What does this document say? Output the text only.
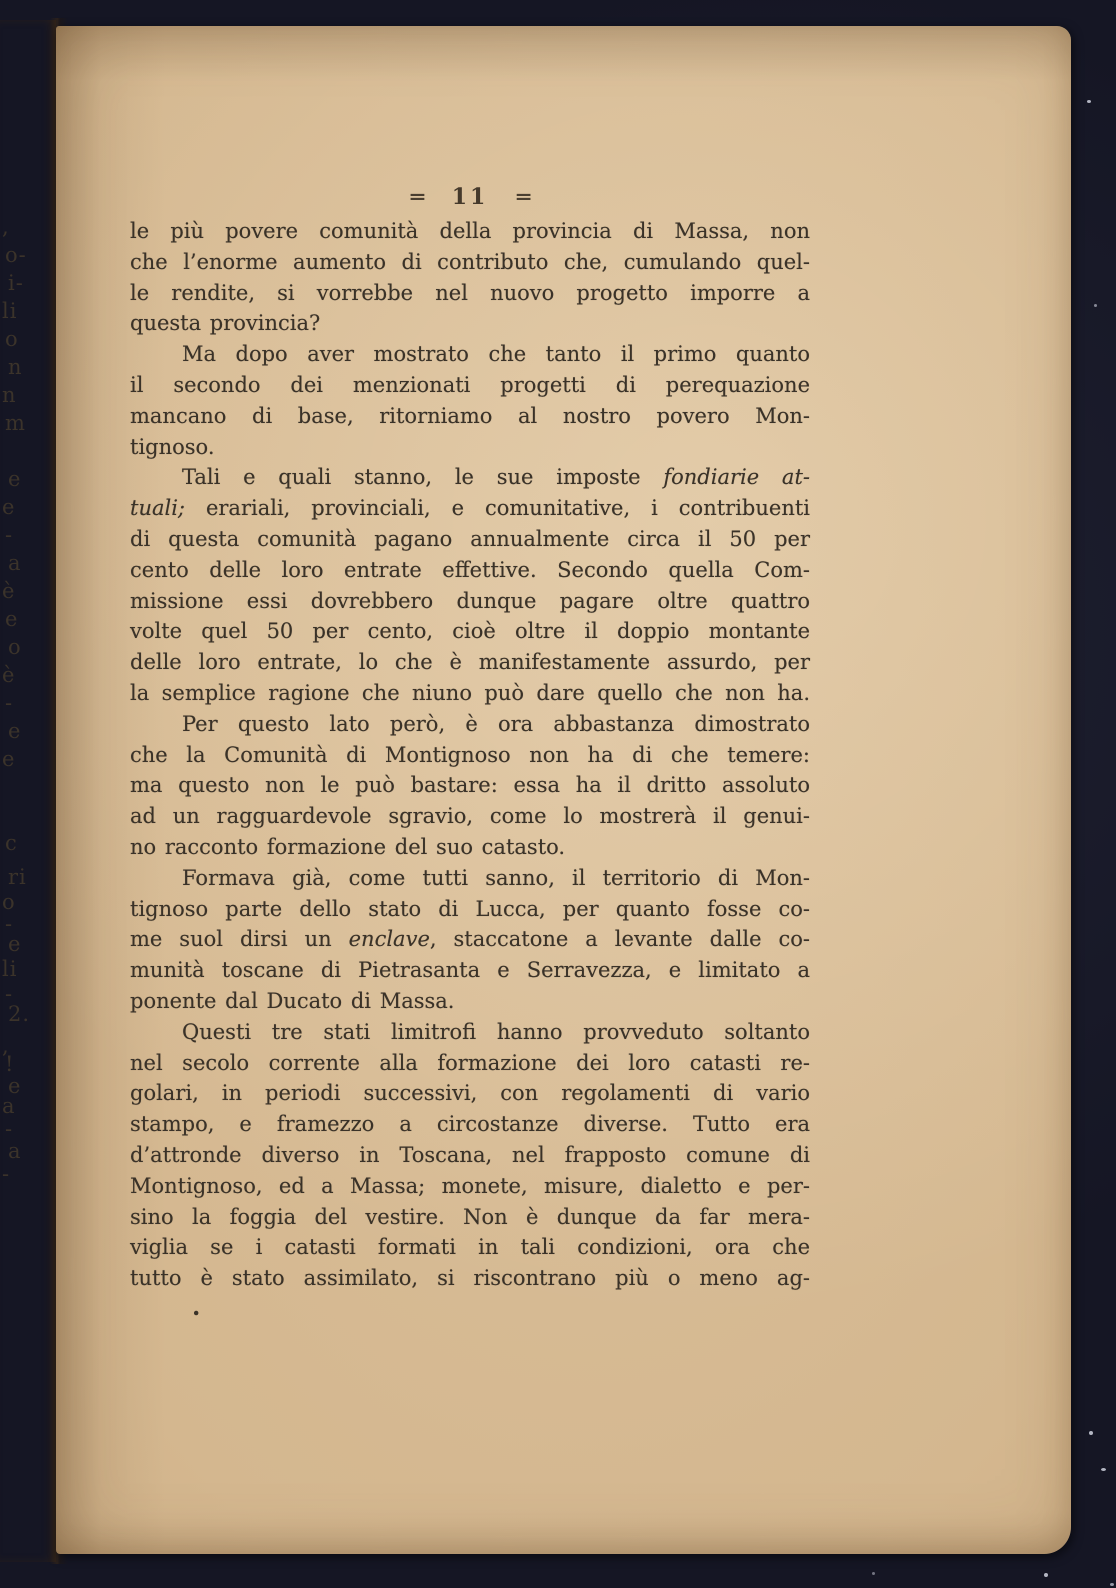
,
o-
i-
li
o
n
n
m
e
e
-
a
è
e
o
è
-
e
e
c
ri
o
-
e
li
-
2.
,
!
e
a
-
a
-
= 11 =
le più povere comunità della provincia di Massa, non
che l’enorme aumento di contributo che, cumulando quel-
le rendite, si vorrebbe nel nuovo progetto imporre a
questa provincia?
Ma dopo aver mostrato che tanto il primo quanto
il secondo dei menzionati progetti di perequazione
mancano di base, ritorniamo al nostro povero Mon-
tignoso.
Tali e quali stanno, le sue imposte fondiarie at-
tuali; erariali, provinciali, e comunitative, i contribuenti
di questa comunità pagano annualmente circa il 50 per
cento delle loro entrate effettive. Secondo quella Com-
missione essi dovrebbero dunque pagare oltre quattro
volte quel 50 per cento, cioè oltre il doppio montante
delle loro entrate, lo che è manifestamente assurdo, per
la semplice ragione che niuno può dare quello che non ha.
Per questo lato però, è ora abbastanza dimostrato
che la Comunità di Montignoso non ha di che temere:
ma questo non le può bastare: essa ha il dritto assoluto
ad un ragguardevole sgravio, come lo mostrerà il genui-
no racconto formazione del suo catasto.
Formava già, come tutti sanno, il territorio di Mon-
tignoso parte dello stato di Lucca, per quanto fosse co-
me suol dirsi un enclave, staccatone a levante dalle co-
munità toscane di Pietrasanta e Serravezza, e limitato a
ponente dal Ducato di Massa.
Questi tre stati limitrofi hanno provveduto soltanto
nel secolo corrente alla formazione dei loro catasti re-
golari, in periodi successivi, con regolamenti di vario
stampo, e framezzo a circostanze diverse. Tutto era
d’attronde diverso in Toscana, nel frapposto comune di
Montignoso, ed a Massa; monete, misure, dialetto e per-
sino la foggia del vestire. Non è dunque da far mera-
viglia se i catasti formati in tali condizioni, ora che
tutto è stato assimilato, si riscontrano più o meno ag-
.
